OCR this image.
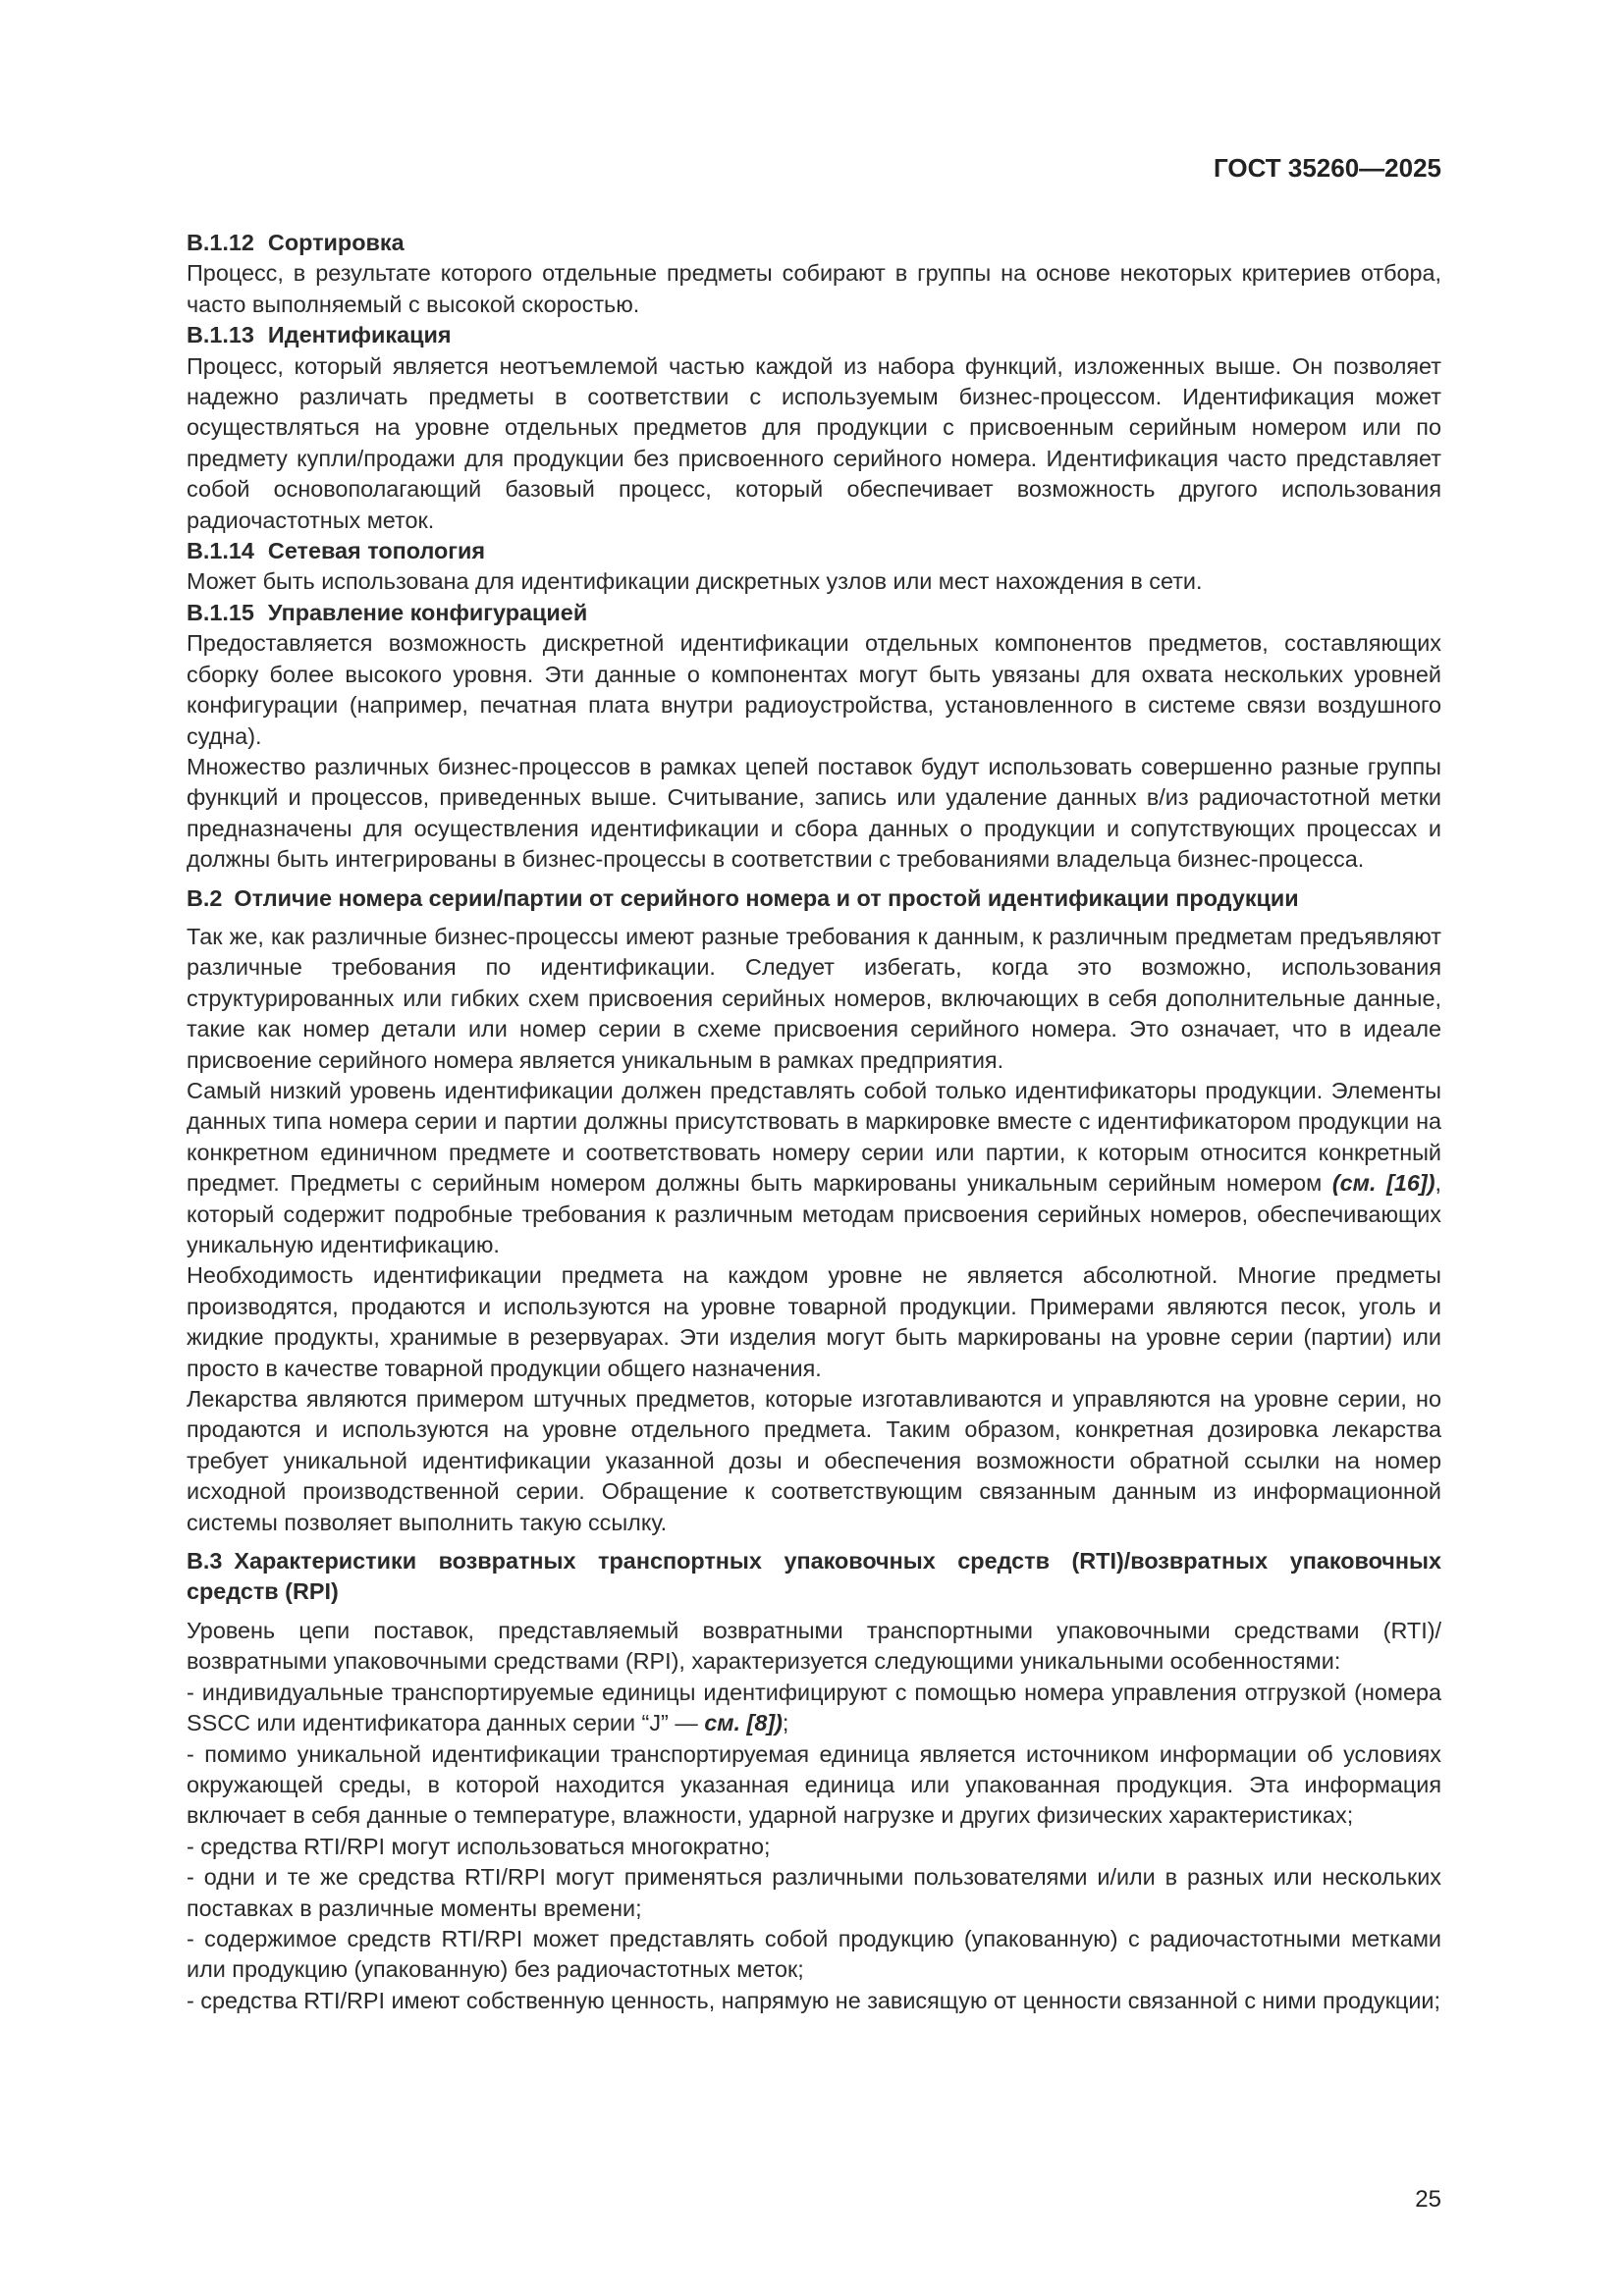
ГОСТ 35260—2025

B.1.12 Сортировка

Процесс, в результате которого отдельные предметы собирают в группы на основе некоторых критериев отбора, часто выполняемый с высокой скоростью.

B.1.13 Идентификация

Процесс, который является неотъемлемой частью каждой из набора функций, изложенных выше. Он позволяет надежно различать предметы в соответствии с используемым бизнес-процессом. Идентификация может осуществляться на уровне отдельных предметов для продукции с присвоенным серийным номером или по предмету купли/продажи для продукции без присвоенного серийного номера. Идентификация часто представляет собой основополагающий базовый процесс, который обеспечивает возможность другого использования радиочастотных меток.

B.1.14 Сетевая топология

Может быть использована для идентификации дискретных узлов или мест нахождения в сети.

B.1.15 Управление конфигурацией

Предоставляется возможность дискретной идентификации отдельных компонентов предметов, составляющих сборку более высокого уровня. Эти данные о компонентах могут быть увязаны для охвата нескольких уровней конфигурации (например, печатная плата внутри радиоустройства, установленного в системе связи воздушного судна).

Множество различных бизнес-процессов в рамках цепей поставок будут использовать совершенно разные группы функций и процессов, приведенных выше. Считывание, запись или удаление данных в/из радиочастотной метки предназначены для осуществления идентификации и сбора данных о продукции и сопутствующих процессах и должны быть интегрированы в бизнес-процессы в соответствии с требованиями владельца бизнес-процесса.

B.2 Отличие номера серии/партии от серийного номера и от простой идентификации продукции

Так же, как различные бизнес-процессы имеют разные требования к данным, к различным предметам предъявляют различные требования по идентификации. Следует избегать, когда это возможно, использования структурированных или гибких схем присвоения серийных номеров, включающих в себя дополнительные данные, такие как номер детали или номер серии в схеме присвоения серийного номера. Это означает, что в идеале присвоение серийного номера является уникальным в рамках предприятия.

Самый низкий уровень идентификации должен представлять собой только идентификаторы продукции. Элементы данных типа номера серии и партии должны присутствовать в маркировке вместе с идентификатором продукции на конкретном единичном предмете и соответствовать номеру серии или партии, к которым относится конкретный предмет. Предметы с серийным номером должны быть маркированы уникальным серийным номером (см. [16]), который содержит подробные требования к различным методам присвоения серийных номеров, обеспечивающих уникальную идентификацию.

Необходимость идентификации предмета на каждом уровне не является абсолютной. Многие предметы производятся, продаются и используются на уровне товарной продукции. Примерами являются песок, уголь и жидкие продукты, хранимые в резервуарах. Эти изделия могут быть маркированы на уровне серии (партии) или просто в качестве товарной продукции общего назначения.

Лекарства являются примером штучных предметов, которые изготавливаются и управляются на уровне серии, но продаются и используются на уровне отдельного предмета. Таким образом, конкретная дозировка лекарства требует уникальной идентификации указанной дозы и обеспечения возможности обратной ссылки на номер исходной производственной серии. Обращение к соответствующим связанным данным из информационной системы позволяет выполнить такую ссылку.

B.3 Характеристики возвратных транспортных упаковочных средств (RTI)/возвратных упаковочных средств (RPI)

Уровень цепи поставок, представляемый возвратными транспортными упаковочными средствами (RTI)/возвратными упаковочными средствами (RPI), характеризуется следующими уникальными особенностями:

- индивидуальные транспортируемые единицы идентифицируют с помощью номера управления отгрузкой (номера SSCC или идентификатора данных серии “J” — см. [8]);

- помимо уникальной идентификации транспортируемая единица является источником информации об условиях окружающей среды, в которой находится указанная единица или упакованная продукция. Эта информация включает в себя данные о температуре, влажности, ударной нагрузке и других физических характеристиках;

- средства RTI/RPI могут использоваться многократно;

- одни и те же средства RTI/RPI могут применяться различными пользователями и/или в разных или нескольких поставках в различные моменты времени;

- содержимое средств RTI/RPI может представлять собой продукцию (упакованную) с радиочастотными метками или продукцию (упакованную) без радиочастотных меток;

- средства RTI/RPI имеют собственную ценность, напрямую не зависящую от ценности связанной с ними продукции;

25
